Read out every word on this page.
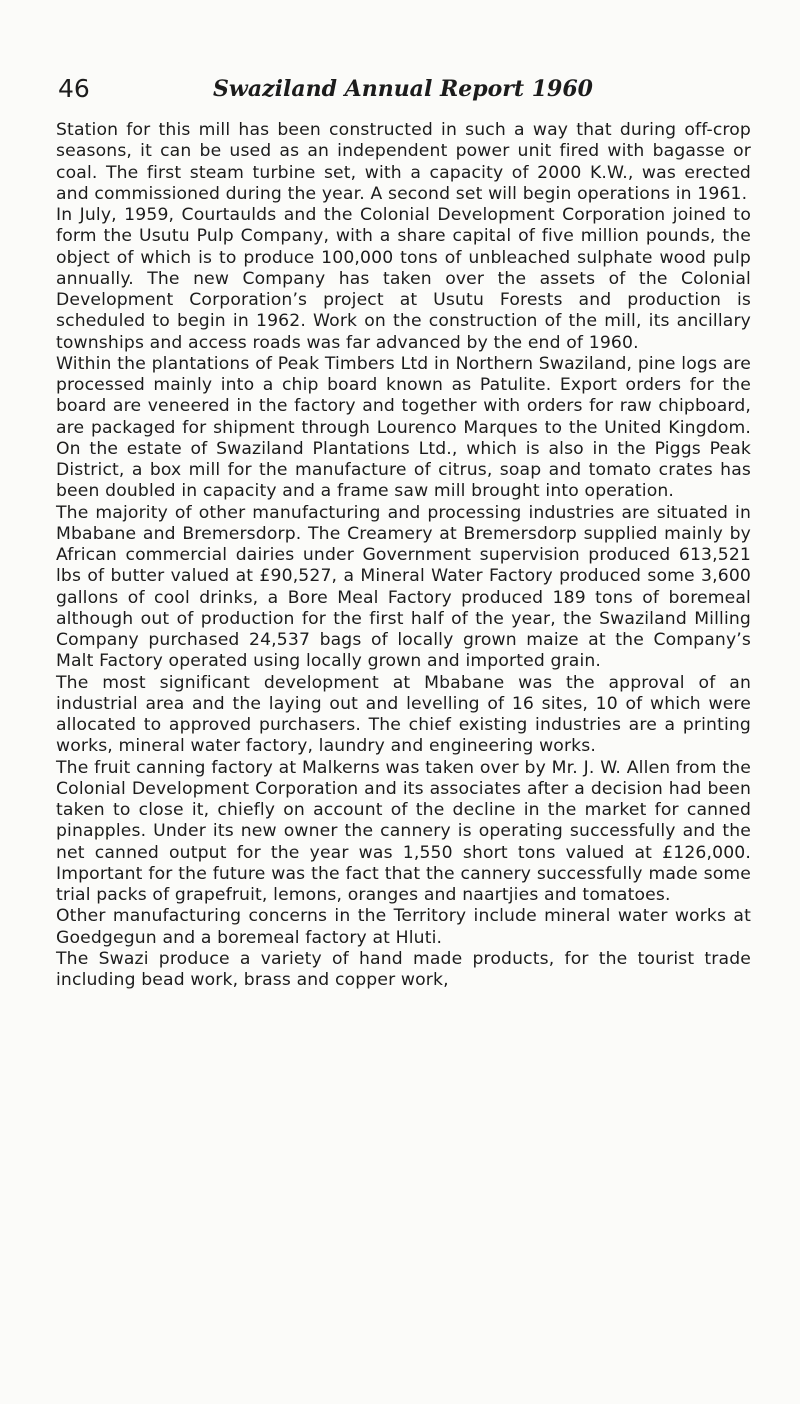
46	Swaziland Annual Report 1960

Station for this mill has been constructed in such a way that during off-crop seasons, it can be used as an independent power unit fired with bagasse or coal. The first steam turbine set, with a capacity of 2000 K.W., was erected and commissioned during the year. A second set will begin operations in 1961.

In July, 1959, Courtaulds and the Colonial Development Corporation joined to form the Usutu Pulp Company, with a share capital of five million pounds, the object of which is to produce 100,000 tons of unbleached sulphate wood pulp annually. The new Company has taken over the assets of the Colonial Development Corporation’s project at Usutu Forests and production is scheduled to begin in 1962. Work on the construction of the mill, its ancillary townships and access roads was far advanced by the end of 1960.

Within the plantations of Peak Timbers Ltd in Northern Swaziland, pine logs are processed mainly into a chip board known as Patulite. Export orders for the board are veneered in the factory and together with orders for raw chipboard, are packaged for shipment through Lourenco Marques to the United Kingdom. On the estate of Swaziland Plantations Ltd., which is also in the Piggs Peak District, a box mill for the manufacture of citrus, soap and tomato crates has been doubled in capacity and a frame saw mill brought into operation.

The majority of other manufacturing and processing industries are situated in Mbabane and Bremersdorp. The Creamery at Bremersdorp supplied mainly by African commercial dairies under Government supervision produced 613,521 lbs of butter valued at £90,527, a Mineral Water Factory produced some 3,600 gallons of cool drinks, a Bore Meal Factory produced 189 tons of boremeal although out of production for the first half of the year, the Swaziland Milling Company purchased 24,537 bags of locally grown maize at the Company’s Malt Factory operated using locally grown and imported grain.

The most significant development at Mbabane was the approval of an industrial area and the laying out and levelling of 16 sites, 10 of which were allocated to approved purchasers. The chief existing industries are a printing works, mineral water factory, laundry and engineering works.

The fruit canning factory at Malkerns was taken over by Mr. J. W. Allen from the Colonial Development Corporation and its associates after a decision had been taken to close it, chiefly on account of the decline in the market for canned pinapples. Under its new owner the cannery is operating successfully and the net canned output for the year was 1,550 short tons valued at £126,000. Important for the future was the fact that the cannery successfully made some trial packs of grapefruit, lemons, oranges and naartjies and tomatoes.

Other manufacturing concerns in the Territory include mineral water works at Goedgegun and a boremeal factory at Hluti.

The Swazi produce a variety of hand made products, for the tourist trade including bead work, brass and copper work,
